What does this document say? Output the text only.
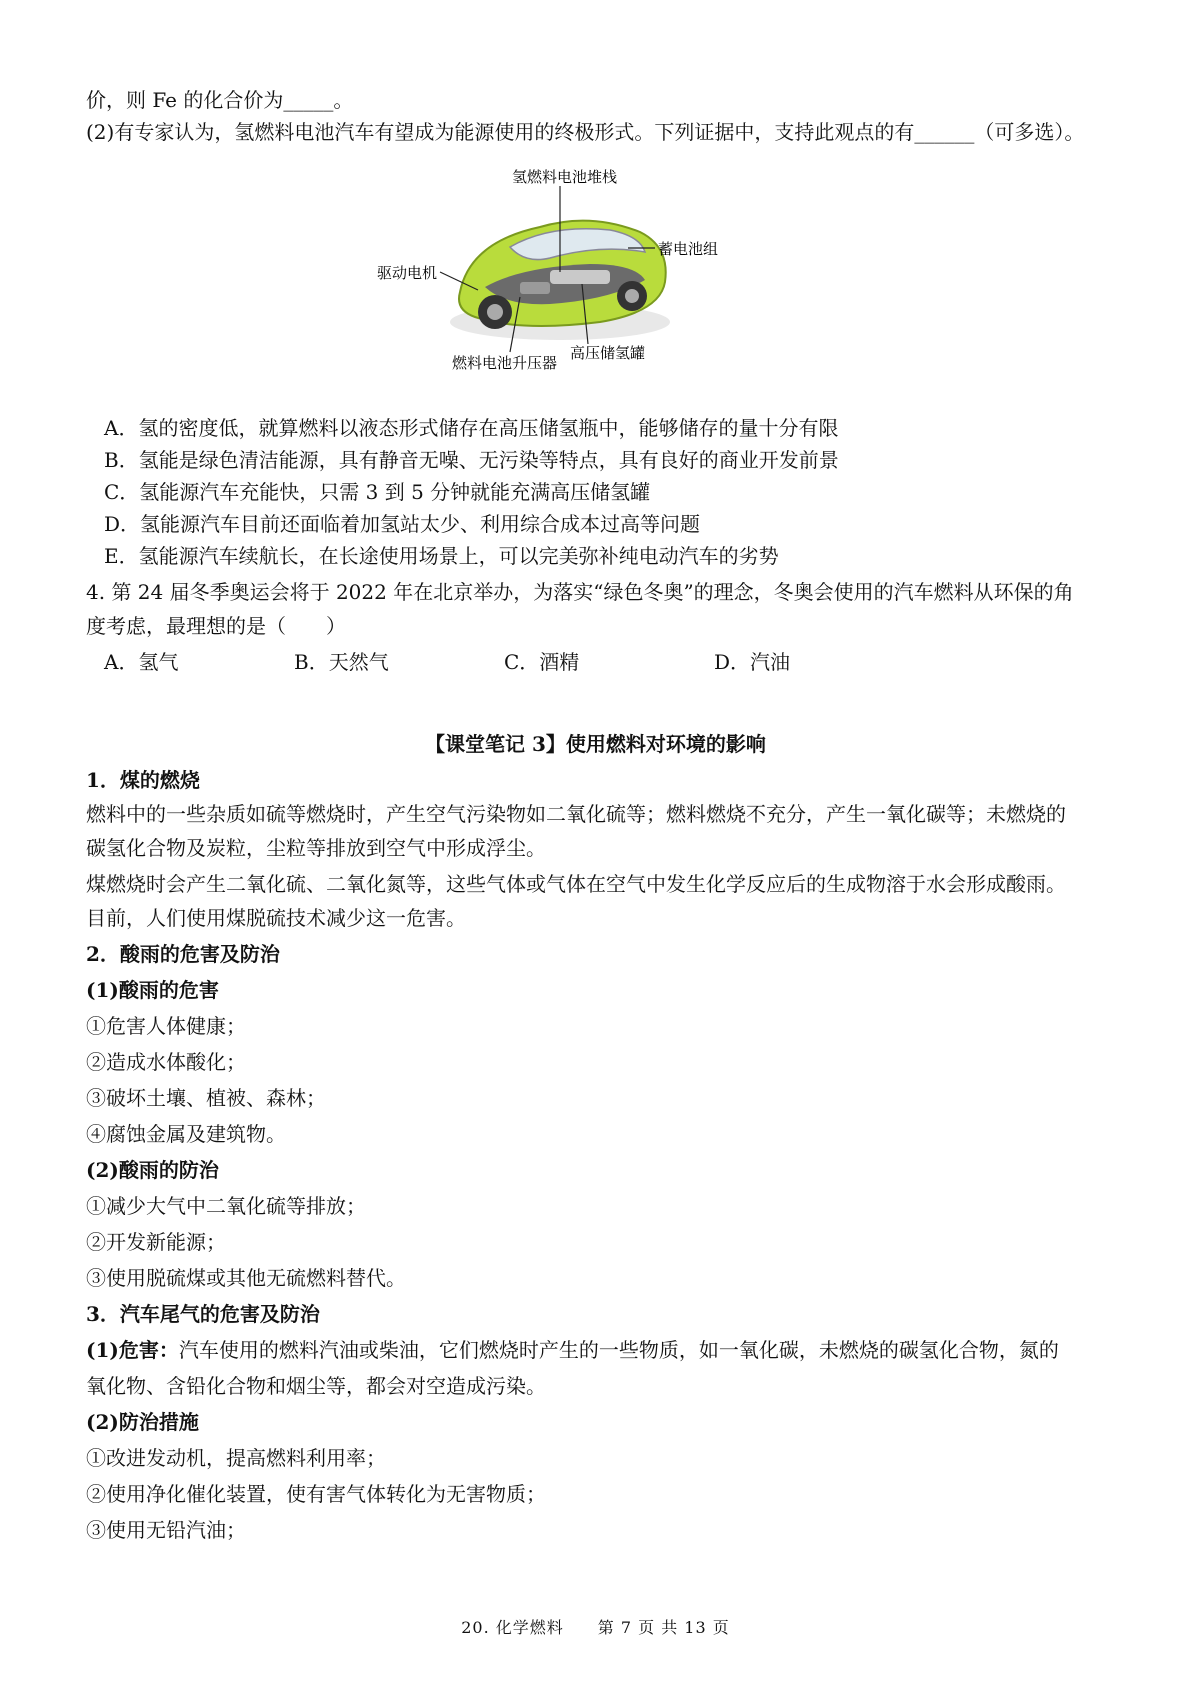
价，则 Fe 的化合价为_____。
(2)有专家认为，氢燃料电池汽车有望成为能源使用的终极形式。下列证据中，支持此观点的有______（可多选）。
氢燃料电池堆栈
蓄电池组
驱动电机
燃料电池升压器
高压储氢罐
A．氢的密度低，就算燃料以液态形式储存在高压储氢瓶中，能够储存的量十分有限
B．氢能是绿色清洁能源，具有静音无噪、无污染等特点，具有良好的商业开发前景
C．氢能源汽车充能快，只需 3 到 5 分钟就能充满高压储氢罐
D．氢能源汽车目前还面临着加氢站太少、利用综合成本过高等问题
E．氢能源汽车续航长，在长途使用场景上，可以完美弥补纯电动汽车的劣势
4. 第 24 届冬季奥运会将于 2022 年在北京举办，为落实“绿色冬奥”的理念，冬奥会使用的汽车燃料从环保的角
度考虑，最理想的是（　　）
A．氢气	B．天然气	C．酒精	D．汽油
【课堂笔记 3】使用燃料对环境的影响
1．煤的燃烧
燃料中的一些杂质如硫等燃烧时，产生空气污染物如二氧化硫等；燃料燃烧不充分，产生一氧化碳等；未燃烧的
碳氢化合物及炭粒，尘粒等排放到空气中形成浮尘。
煤燃烧时会产生二氧化硫、二氧化氮等，这些气体或气体在空气中发生化学反应后的生成物溶于水会形成酸雨。
目前，人们使用煤脱硫技术减少这一危害。
2．酸雨的危害及防治
(1)酸雨的危害
①危害人体健康；
②造成水体酸化；
③破坏土壤、植被、森林；
④腐蚀金属及建筑物。
(2)酸雨的防治
①减少大气中二氧化硫等排放；
②开发新能源；
③使用脱硫煤或其他无硫燃料替代。
3．汽车尾气的危害及防治
(1)危害：汽车使用的燃料汽油或柴油，它们燃烧时产生的一些物质，如一氧化碳，未燃烧的碳氢化合物，氮的
氧化物、含铅化合物和烟尘等，都会对空造成污染。
(2)防治措施
①改进发动机，提高燃料利用率；
②使用净化催化装置，使有害气体转化为无害物质；
③使用无铅汽油；
20. 化学燃料　　第 7 页 共 13 页
